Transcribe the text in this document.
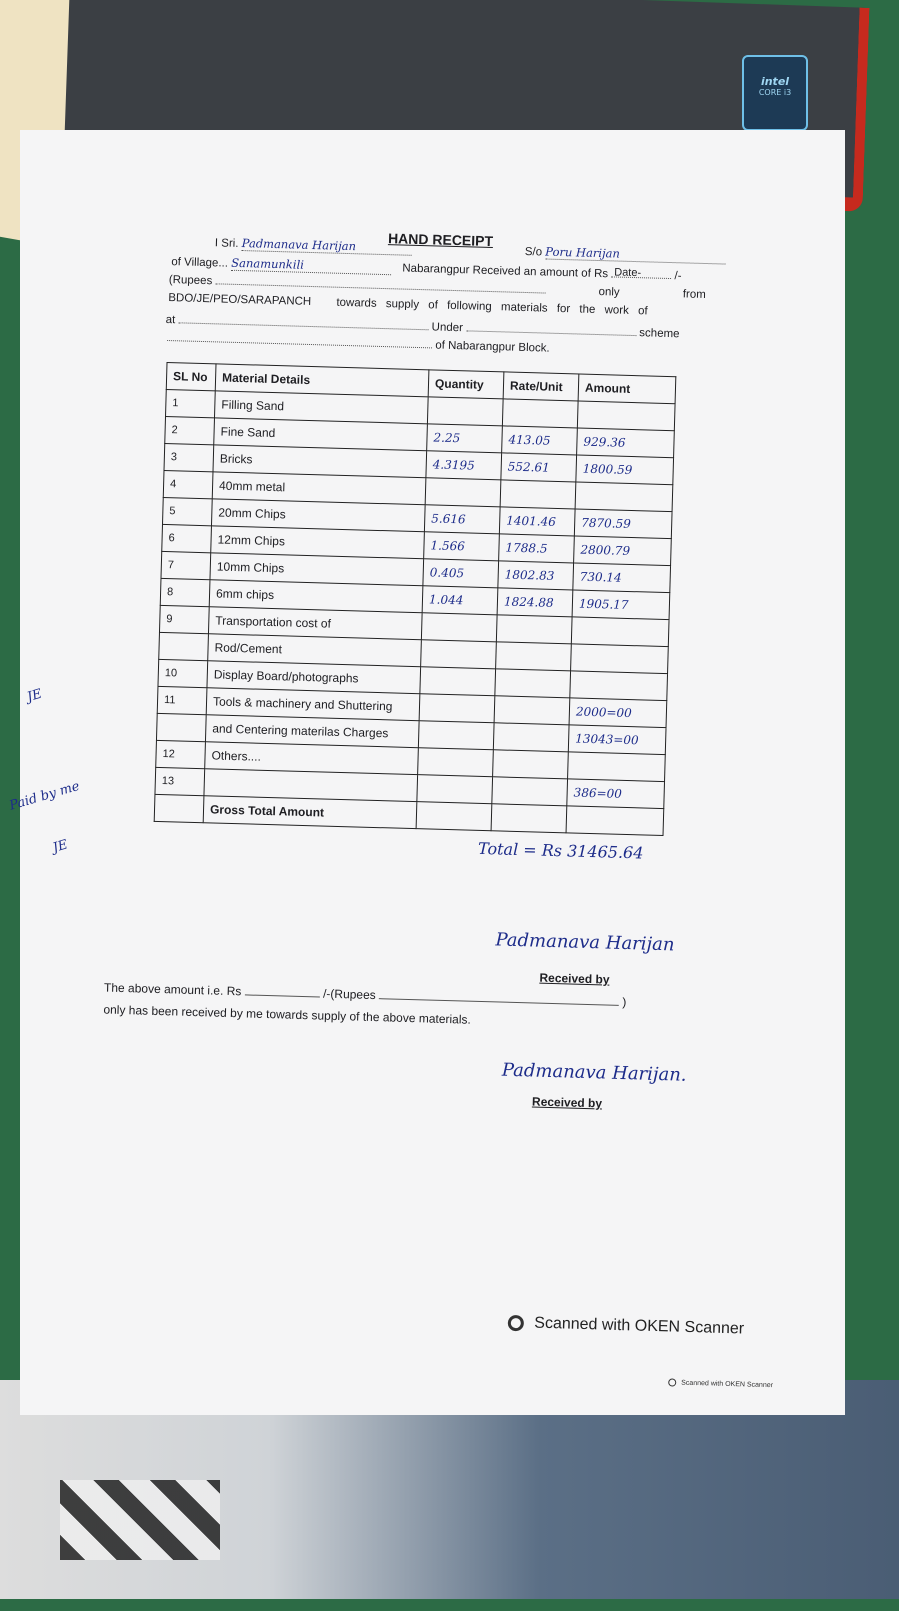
intel
CORE i3
HAND RECEIPT
Date-
I Sri. Padmanava Harijan	S/o Poru Harijan
of Village... Sanamunkili	Nabarangpur Received an amount of Rs	/-
(Rupees  only	from
BDO/JE/PEO/SARAPANCH towards supply of following materials for the work of
at  Under	scheme
of Nabarangpur Block.
SL No	Material Details	Quantity	Rate/Unit	Amount
1	Filling Sand			
2	Fine Sand	2.25	413.05	929.36
3	Bricks	4.3195	552.61	1800.59
4	40mm metal			
5	20mm Chips	5.616	1401.46	7870.59
6	12mm Chips	1.566	1788.5	2800.79
7	10mm Chips	0.405	1802.83	730.14
8	6mm chips	1.044	1824.88	1905.17
9	Transportation cost of			
	Rod/Cement			
10	Display Board/photographs			
11	Tools & machinery and Shuttering			2000=00
	and Centering materilas Charges			13043=00
12	Others....			
13				386=00
	Gross Total Amount			
Total = Rs 31465.64
Padmanava Harijan
Received by
The above amount i.e. Rs	/-(Rupees	)
only has been received by me towards supply of the above materials.
Padmanava Harijan.
Received by
JE
Paid by me
JE
Scanned with OKEN Scanner
Scanned with OKEN Scanner
